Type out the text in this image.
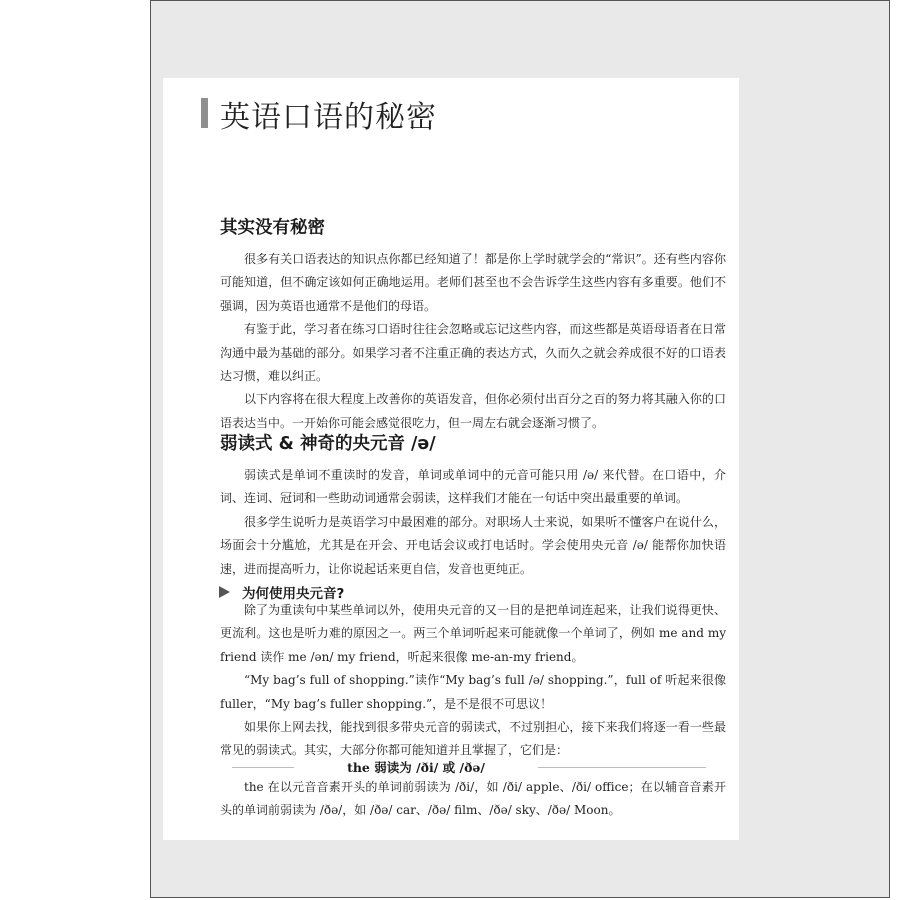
英语口语的秘密
其实没有秘密

很多有关口语表达的知识点你都已经知道了！都是你上学时就学会的“常识”。还有些内容你可能知道，但不确定该如何正确地运用。老师们甚至也不会告诉学生这些内容有多重要。他们不强调，因为英语也通常不是他们的母语。
有鉴于此，学习者在练习口语时往往会忽略或忘记这些内容，而这些都是英语母语者在日常沟通中最为基础的部分。如果学习者不注重正确的表达方式，久而久之就会养成很不好的口语表达习惯，难以纠正。
以下内容将在很大程度上改善你的英语发音，但你必须付出百分之百的努力将其融入你的口语表达当中。一开始你可能会感觉很吃力，但一周左右就会逐渐习惯了。

弱读式 & 神奇的央元音 /ə/

弱读式是单词不重读时的发音，单词或单词中的元音可能只用 /ə/ 来代替。在口语中，介词、连词、冠词和一些助动词通常会弱读，这样我们才能在一句话中突出最重要的单词。
很多学生说听力是英语学习中最困难的部分。对职场人士来说，如果听不懂客户在说什么，场面会十分尴尬，尤其是在开会、开电话会议或打电话时。学会使用央元音 /ə/ 能帮你加快语速，进而提高听力，让你说起话来更自信，发音也更纯正。

为何使用央元音?

除了为重读句中某些单词以外，使用央元音的又一目的是把单词连起来，让我们说得更快、更流利。这也是听力难的原因之一。两三个单词听起来可能就像一个单词了，例如 me and my friend 读作 me /ən/ my friend，听起来很像 me-an-my friend。
“My bag’s full of shopping.”读作“My bag’s full /ə/ shopping.”，full of 听起来很像 fuller，“My bag’s fuller shopping.”，是不是很不可思议！
如果你上网去找，能找到很多带央元音的弱读式，不过别担心，接下来我们将逐一看一些最常见的弱读式。其实，大部分你都可能知道并且掌握了，它们是：

the 弱读为 /ði/ 或 /ðə/

the 在以元音音素开头的单词前弱读为 /ði/，如 /ði/ apple、/ði/ office；在以辅音音素开头的单词前弱读为 /ðə/，如 /ðə/ car、/ðə/ film、/ðə/ sky、/ðə/ Moon。
